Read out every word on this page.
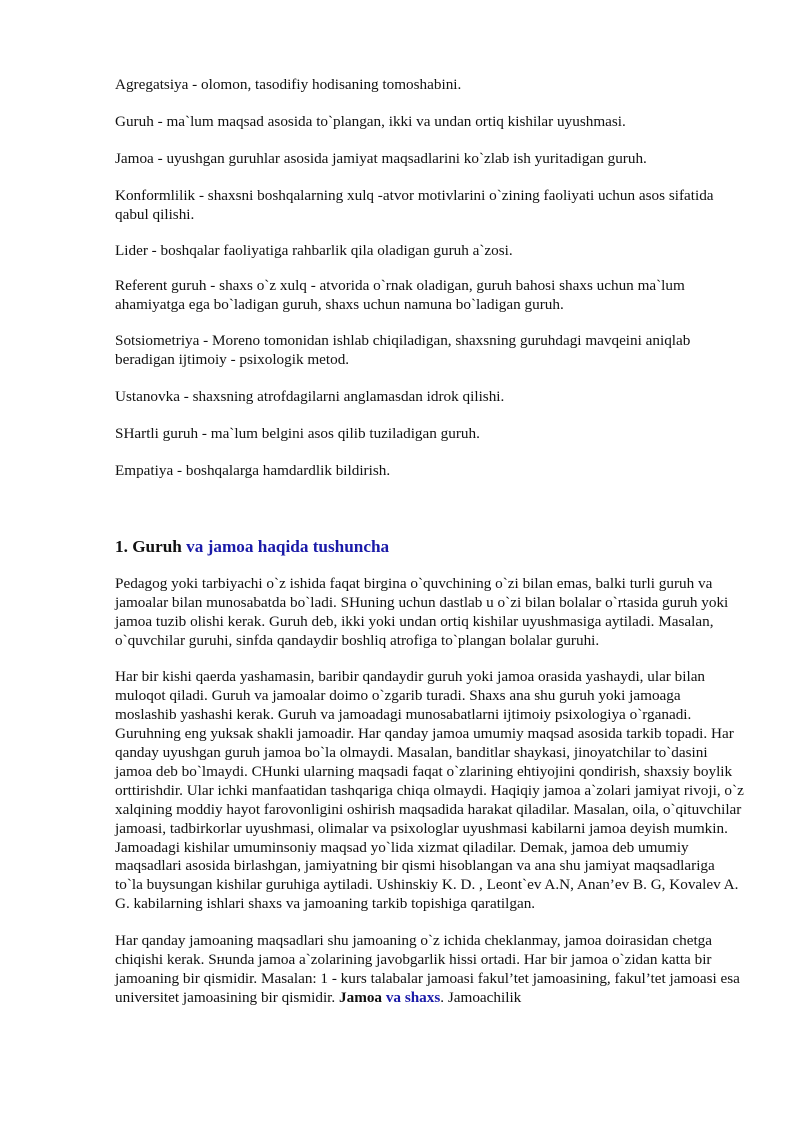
Agregatsiya - olomon, tasodifiy hodisaning tomoshabini.

Guruh - ma`lum maqsad asosida to`plangan, ikki va undan ortiq kishilar uyushmasi.

Jamoa - uyushgan guruhlar asosida jamiyat maqsadlarini ko`zlab ish yuritadigan guruh.

Konformlilik - shaxsni boshqalarning xulq -atvor motivlarini o`zining faoliyati uchun asos sifatida qabul qilishi.

Lider - boshqalar faoliyatiga rahbarlik qila oladigan guruh a`zosi.

Referent guruh - shaxs o`z xulq - atvorida o`rnak oladigan, guruh bahosi shaxs uchun ma`lum ahamiyatga ega bo`ladigan guruh, shaxs uchun namuna bo`ladigan guruh.

Sotsiometriya - Moreno tomonidan ishlab chiqiladigan, shaxsning guruhdagi mavqeini aniqlab beradigan ijtimoiy - psixologik metod.

Ustanovka - shaxsning atrofdagilarni anglamasdan idrok qilishi.

SHartli guruh - ma`lum belgini asos qilib tuziladigan guruh.

Empatiya - boshqalarga hamdardlik bildirish.

1. Guruh va jamoa haqida tushuncha

Pedagog yoki tarbiyachi o`z ishida faqat birgina o`quvchining o`zi bilan emas, balki turli guruh va jamoalar bilan munosabatda bo`ladi. SHuning uchun dastlab u o`zi bilan bolalar o`rtasida guruh yoki jamoa tuzib olishi kerak. Guruh deb, ikki yoki undan ortiq kishilar uyushmasiga aytiladi. Masalan, o`quvchilar guruhi, sinfda qandaydir boshliq atrofiga to`plangan bolalar guruhi.

Har bir kishi qaerda yashamasin, baribir qandaydir guruh yoki jamoa orasida yashaydi, ular bilan muloqot qiladi. Guruh va jamoalar doimo o`zgarib turadi. Shaxs ana shu guruh yoki jamoaga moslashib yashashi kerak. Guruh va jamoadagi munosabatlarni ijtimoiy psixologiya o`rganadi. Guruhning eng yuksak shakli jamoadir. Har qanday jamoa umumiy maqsad asosida tarkib topadi. Har qanday uyushgan guruh jamoa bo`la olmaydi. Masalan, banditlar shaykasi, jinoyatchilar to`dasini jamoa deb bo`lmaydi. CHunki ularning maqsadi faqat o`zlarining ehtiyojini qondirish, shaxsiy boylik orttirishdir. Ular ichki manfaatidan tashqariga chiqa olmaydi. Haqiqiy jamoa a`zolari jamiyat rivoji, o`z xalqining moddiy hayot farovonligini oshirish maqsadida harakat qiladilar. Masalan, oila, o`qituvchilar jamoasi, tadbirkorlar uyushmasi, olimalar va psixologlar uyushmasi kabilarni jamoa deyish mumkin. Jamoadagi kishilar umuminsoniy maqsad yo`lida xizmat qiladilar. Demak, jamoa deb umumiy maqsadlari asosida birlashgan, jamiyatning bir qismi hisoblangan va ana shu jamiyat maqsadlariga to`la buysungan kishilar guruhiga aytiladi. Ushinskiy K. D. , Leont`ev A.N, Anan’ev B. G, Kovalev A. G. kabilarning ishlari shaxs va jamoaning tarkib topishiga qaratilgan.

Har qanday jamoaning maqsadlari shu jamoaning o`z ichida cheklanmay, jamoa doirasidan chetga chiqishi kerak. Sнunda jamoa a`zolarining javobgarlik hissi ortadi. Har bir jamoa o`zidan katta bir jamoaning bir qismidir. Masalan: 1 - kurs talabalar jamoasi fakul’tet jamoasining, fakul’tet jamoasi esa universitet jamoasining bir qismidir. Jamoa va shaxs. Jamoachilik
